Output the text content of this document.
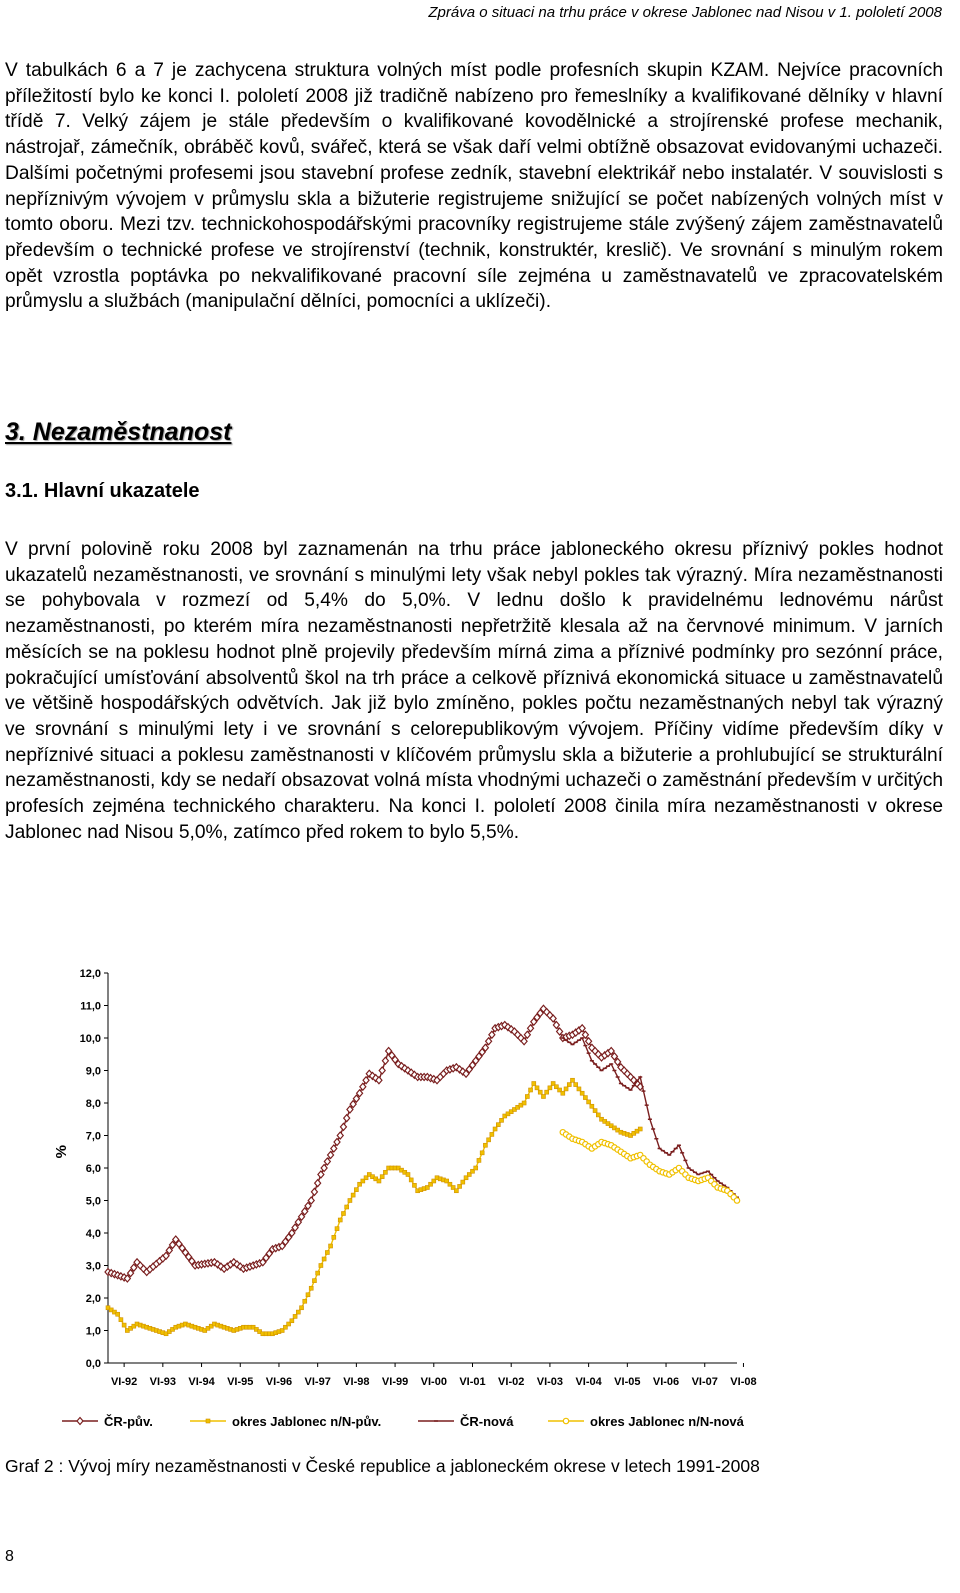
Zpráva o situaci na trhu práce v okrese Jablonec nad Nisou v 1. pololetí 2008

V tabulkách 6 a 7 je zachycena struktura volných míst podle profesních skupin KZAM. Nejvíce pracovních příležitostí bylo ke konci I. pololetí 2008 již tradičně nabízeno pro řemeslníky a kvalifikované dělníky v hlavní třídě 7. Velký zájem je stále především o kvalifikované kovodělnické a strojírenské profese mechanik, nástrojař, zámečník, obráběč kovů, svářeč, která se však daří velmi obtížně obsazovat evidovanými uchazeči. Dalšími početnými profesemi jsou stavební profese zedník, stavební elektrikář nebo instalatér. V souvislosti s nepříznivým vývojem v průmyslu skla a bižuterie registrujeme snižující se počet nabízených volných míst v tomto oboru. Mezi tzv. technickohospodářskými pracovníky registrujeme stále zvýšený zájem zaměstnavatelů především o technické profese ve strojírenství (technik, konstruktér, kreslič). Ve srovnání s minulým rokem opět vzrostla poptávka po nekvalifikované pracovní síle zejména u zaměstnavatelů ve zpracovatelském průmyslu a službách (manipulační dělníci, pomocníci a uklízeči).

3. Nezaměstnanost
3.1. Hlavní ukazatele

V první polovině roku 2008 byl zaznamenán na trhu práce jabloneckého okresu příznivý pokles hodnot ukazatelů nezaměstnanosti, ve srovnání s minulými lety však nebyl pokles tak výrazný. Míra nezaměstnanosti se pohybovala v rozmezí od 5,4% do 5,0%. V lednu došlo k pravidelnému lednovému nárůst nezaměstnanosti, po kterém míra nezaměstnanosti nepřetržitě klesala až na červnové minimum. V jarních měsících se na poklesu hodnot plně projevily především mírná zima a příznivé podmínky pro sezónní práce, pokračující umísťování absolventů škol na trh práce a celkově příznivá ekonomická situace u zaměstnavatelů ve většině hospodářských odvětvích. Jak již bylo zmíněno, pokles počtu nezaměstnaných nebyl tak výrazný ve srovnání s minulými lety i ve srovnání s celorepublikovým vývojem. Příčiny vidíme především díky v nepříznivé situaci a poklesu zaměstnanosti v klíčovém průmyslu skla a bižuterie a prohlubující se strukturální nezaměstnanosti, kdy se nedaří obsazovat volná místa vhodnými uchazeči o zaměstnání především v určitých profesích zejména technického charakteru. Na konci I. pololetí 2008 činila míra nezaměstnanosti v okrese Jablonec nad Nisou 5,0%, zatímco před rokem to bylo 5,5%.

0,0
1,0
2,0
3,0
4,0
5,0
6,0
7,0
8,0
9,0
10,0
11,0
12,0
%
VI-92 VI-93 VI-94 VI-95 VI-96 VI-97 VI-98 VI-99 VI-00 VI-01 VI-02 VI-03 VI-04 VI-05 VI-06 VI-07 VI-08
ČR-pův.	okres Jablonec n/N-pův.	ČR-nová	okres Jablonec n/N-nová
Graf 2 : Vývoj míry nezaměstnanosti v České republice a jabloneckém okrese v letech 1991-2008
8
